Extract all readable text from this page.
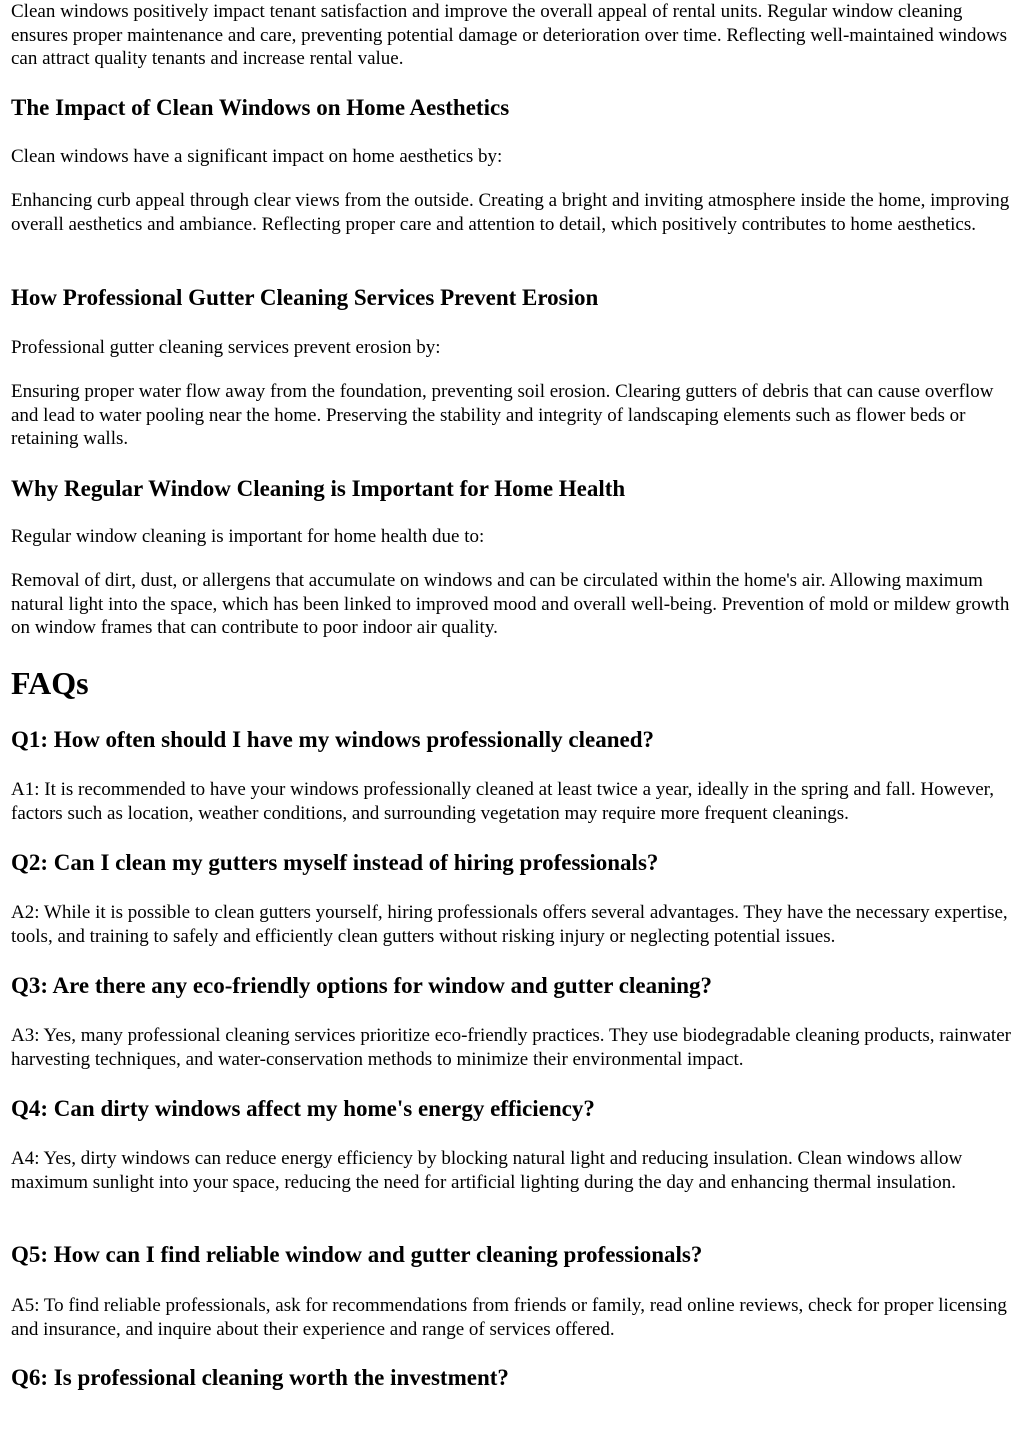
Clean windows positively impact tenant satisfaction and improve the overall appeal of rental units. Regular window cleaning ensures proper maintenance and care, preventing potential damage or deterioration over time. Reflecting well-maintained windows can attract quality tenants and increase rental value.

The Impact of Clean Windows on Home Aesthetics

Clean windows have a significant impact on home aesthetics by:

Enhancing curb appeal through clear views from the outside. Creating a bright and inviting atmosphere inside the home, improving overall aesthetics and ambiance. Reflecting proper care and attention to detail, which positively contributes to home aesthetics.

How Professional Gutter Cleaning Services Prevent Erosion

Professional gutter cleaning services prevent erosion by:

Ensuring proper water flow away from the foundation, preventing soil erosion. Clearing gutters of debris that can cause overflow and lead to water pooling near the home. Preserving the stability and integrity of landscaping elements such as flower beds or retaining walls.

Why Regular Window Cleaning is Important for Home Health

Regular window cleaning is important for home health due to:

Removal of dirt, dust, or allergens that accumulate on windows and can be circulated within the home's air. Allowing maximum natural light into the space, which has been linked to improved mood and overall well-being. Prevention of mold or mildew growth on window frames that can contribute to poor indoor air quality.

FAQs
Q1: How often should I have my windows professionally cleaned?

A1: It is recommended to have your windows professionally cleaned at least twice a year, ideally in the spring and fall. However, factors such as location, weather conditions, and surrounding vegetation may require more frequent cleanings.

Q2: Can I clean my gutters myself instead of hiring professionals?

A2: While it is possible to clean gutters yourself, hiring professionals offers several advantages. They have the necessary expertise, tools, and training to safely and efficiently clean gutters without risking injury or neglecting potential issues.

Q3: Are there any eco-friendly options for window and gutter cleaning?

A3: Yes, many professional cleaning services prioritize eco-friendly practices. They use biodegradable cleaning products, rainwater harvesting techniques, and water-conservation methods to minimize their environmental impact.

Q4: Can dirty windows affect my home's energy efficiency?

A4: Yes, dirty windows can reduce energy efficiency by blocking natural light and reducing insulation. Clean windows allow maximum sunlight into your space, reducing the need for artificial lighting during the day and enhancing thermal insulation.

Q5: How can I find reliable window and gutter cleaning professionals?

A5: To find reliable professionals, ask for recommendations from friends or family, read online reviews, check for proper licensing and insurance, and inquire about their experience and range of services offered.

Q6: Is professional cleaning worth the investment?
